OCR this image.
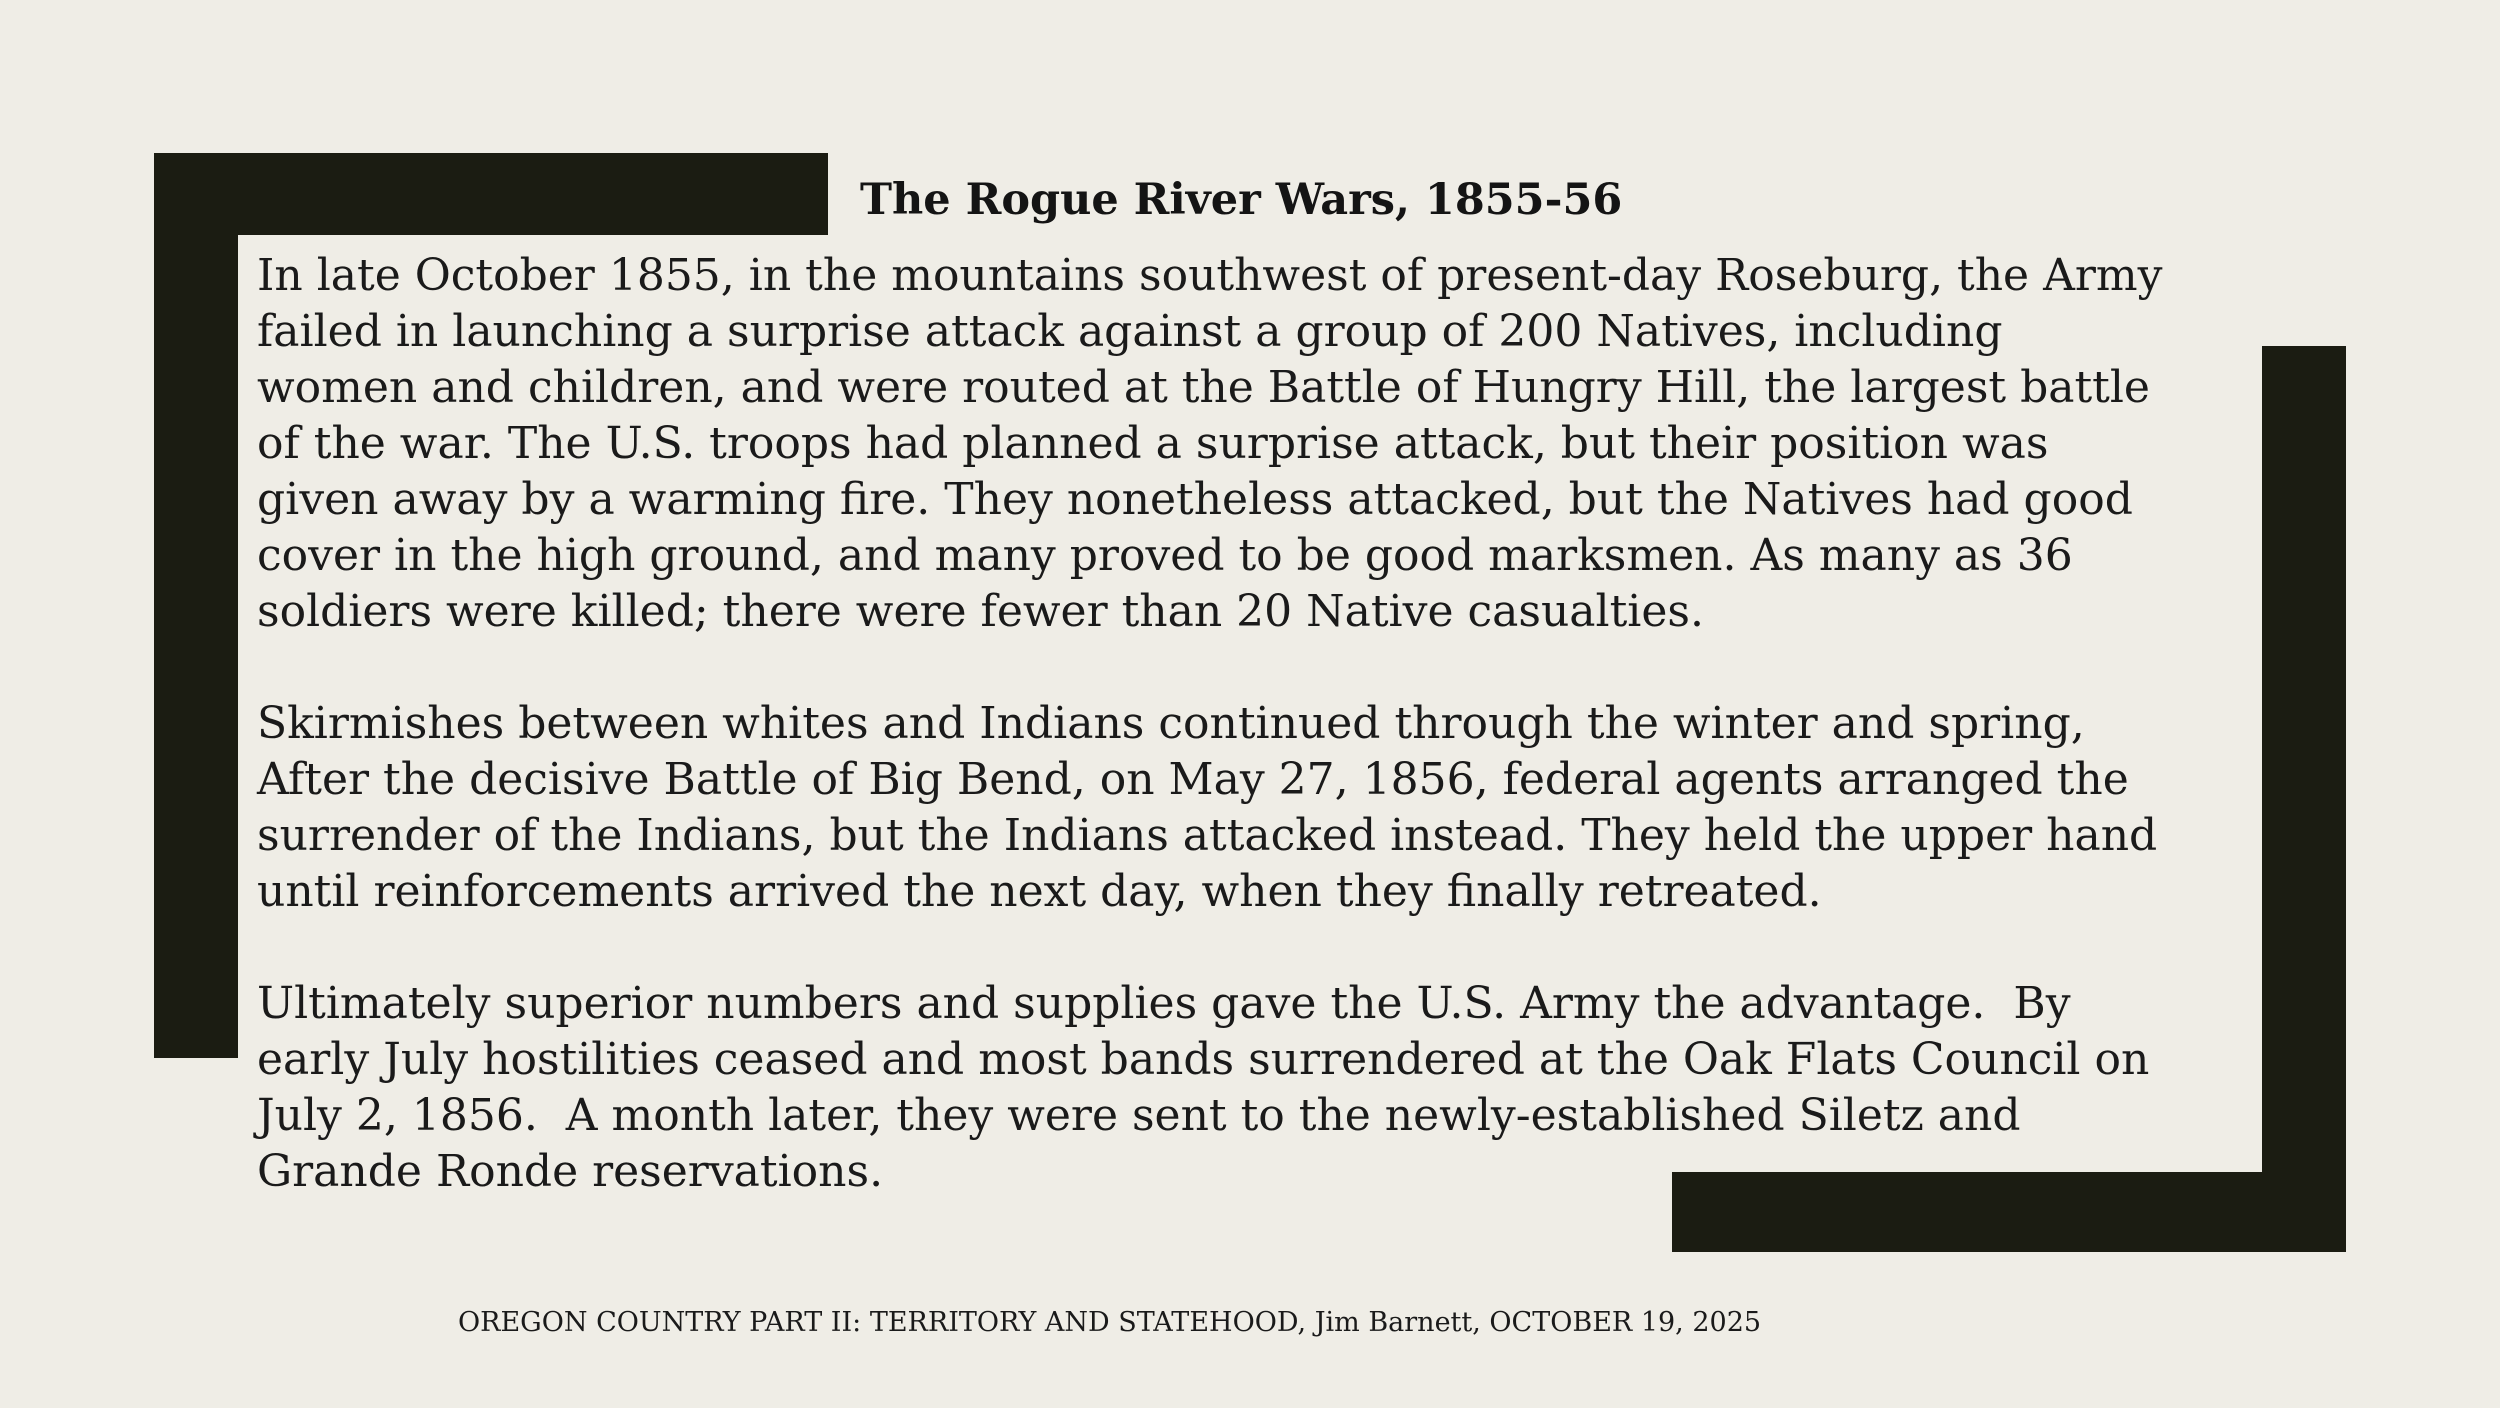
The Rogue River Wars, 1855-56
In late October 1855, in the mountains southwest of present-day Roseburg, the Army
failed in launching a surprise attack against a group of 200 Natives, including
women and children, and were routed at the Battle of Hungry Hill, the largest battle
of the war. The U.S. troops had planned a surprise attack, but their position was
given away by a warming fire. They nonetheless attacked, but the Natives had good
cover in the high ground, and many proved to be good marksmen. As many as 36
soldiers were killed; there were fewer than 20 Native casualties.
Skirmishes between whites and Indians continued through the winter and spring,
After the decisive Battle of Big Bend, on May 27, 1856, federal agents arranged the
surrender of the Indians, but the Indians attacked instead. They held the upper hand
until reinforcements arrived the next day, when they finally retreated.
Ultimately superior numbers and supplies gave the U.S. Army the advantage.  By
early July hostilities ceased and most bands surrendered at the Oak Flats Council on
July 2, 1856.  A month later, they were sent to the newly-established Siletz and
Grande Ronde reservations.
OREGON COUNTRY PART II: TERRITORY AND STATEHOOD, Jim Barnett, OCTOBER 19, 2025
